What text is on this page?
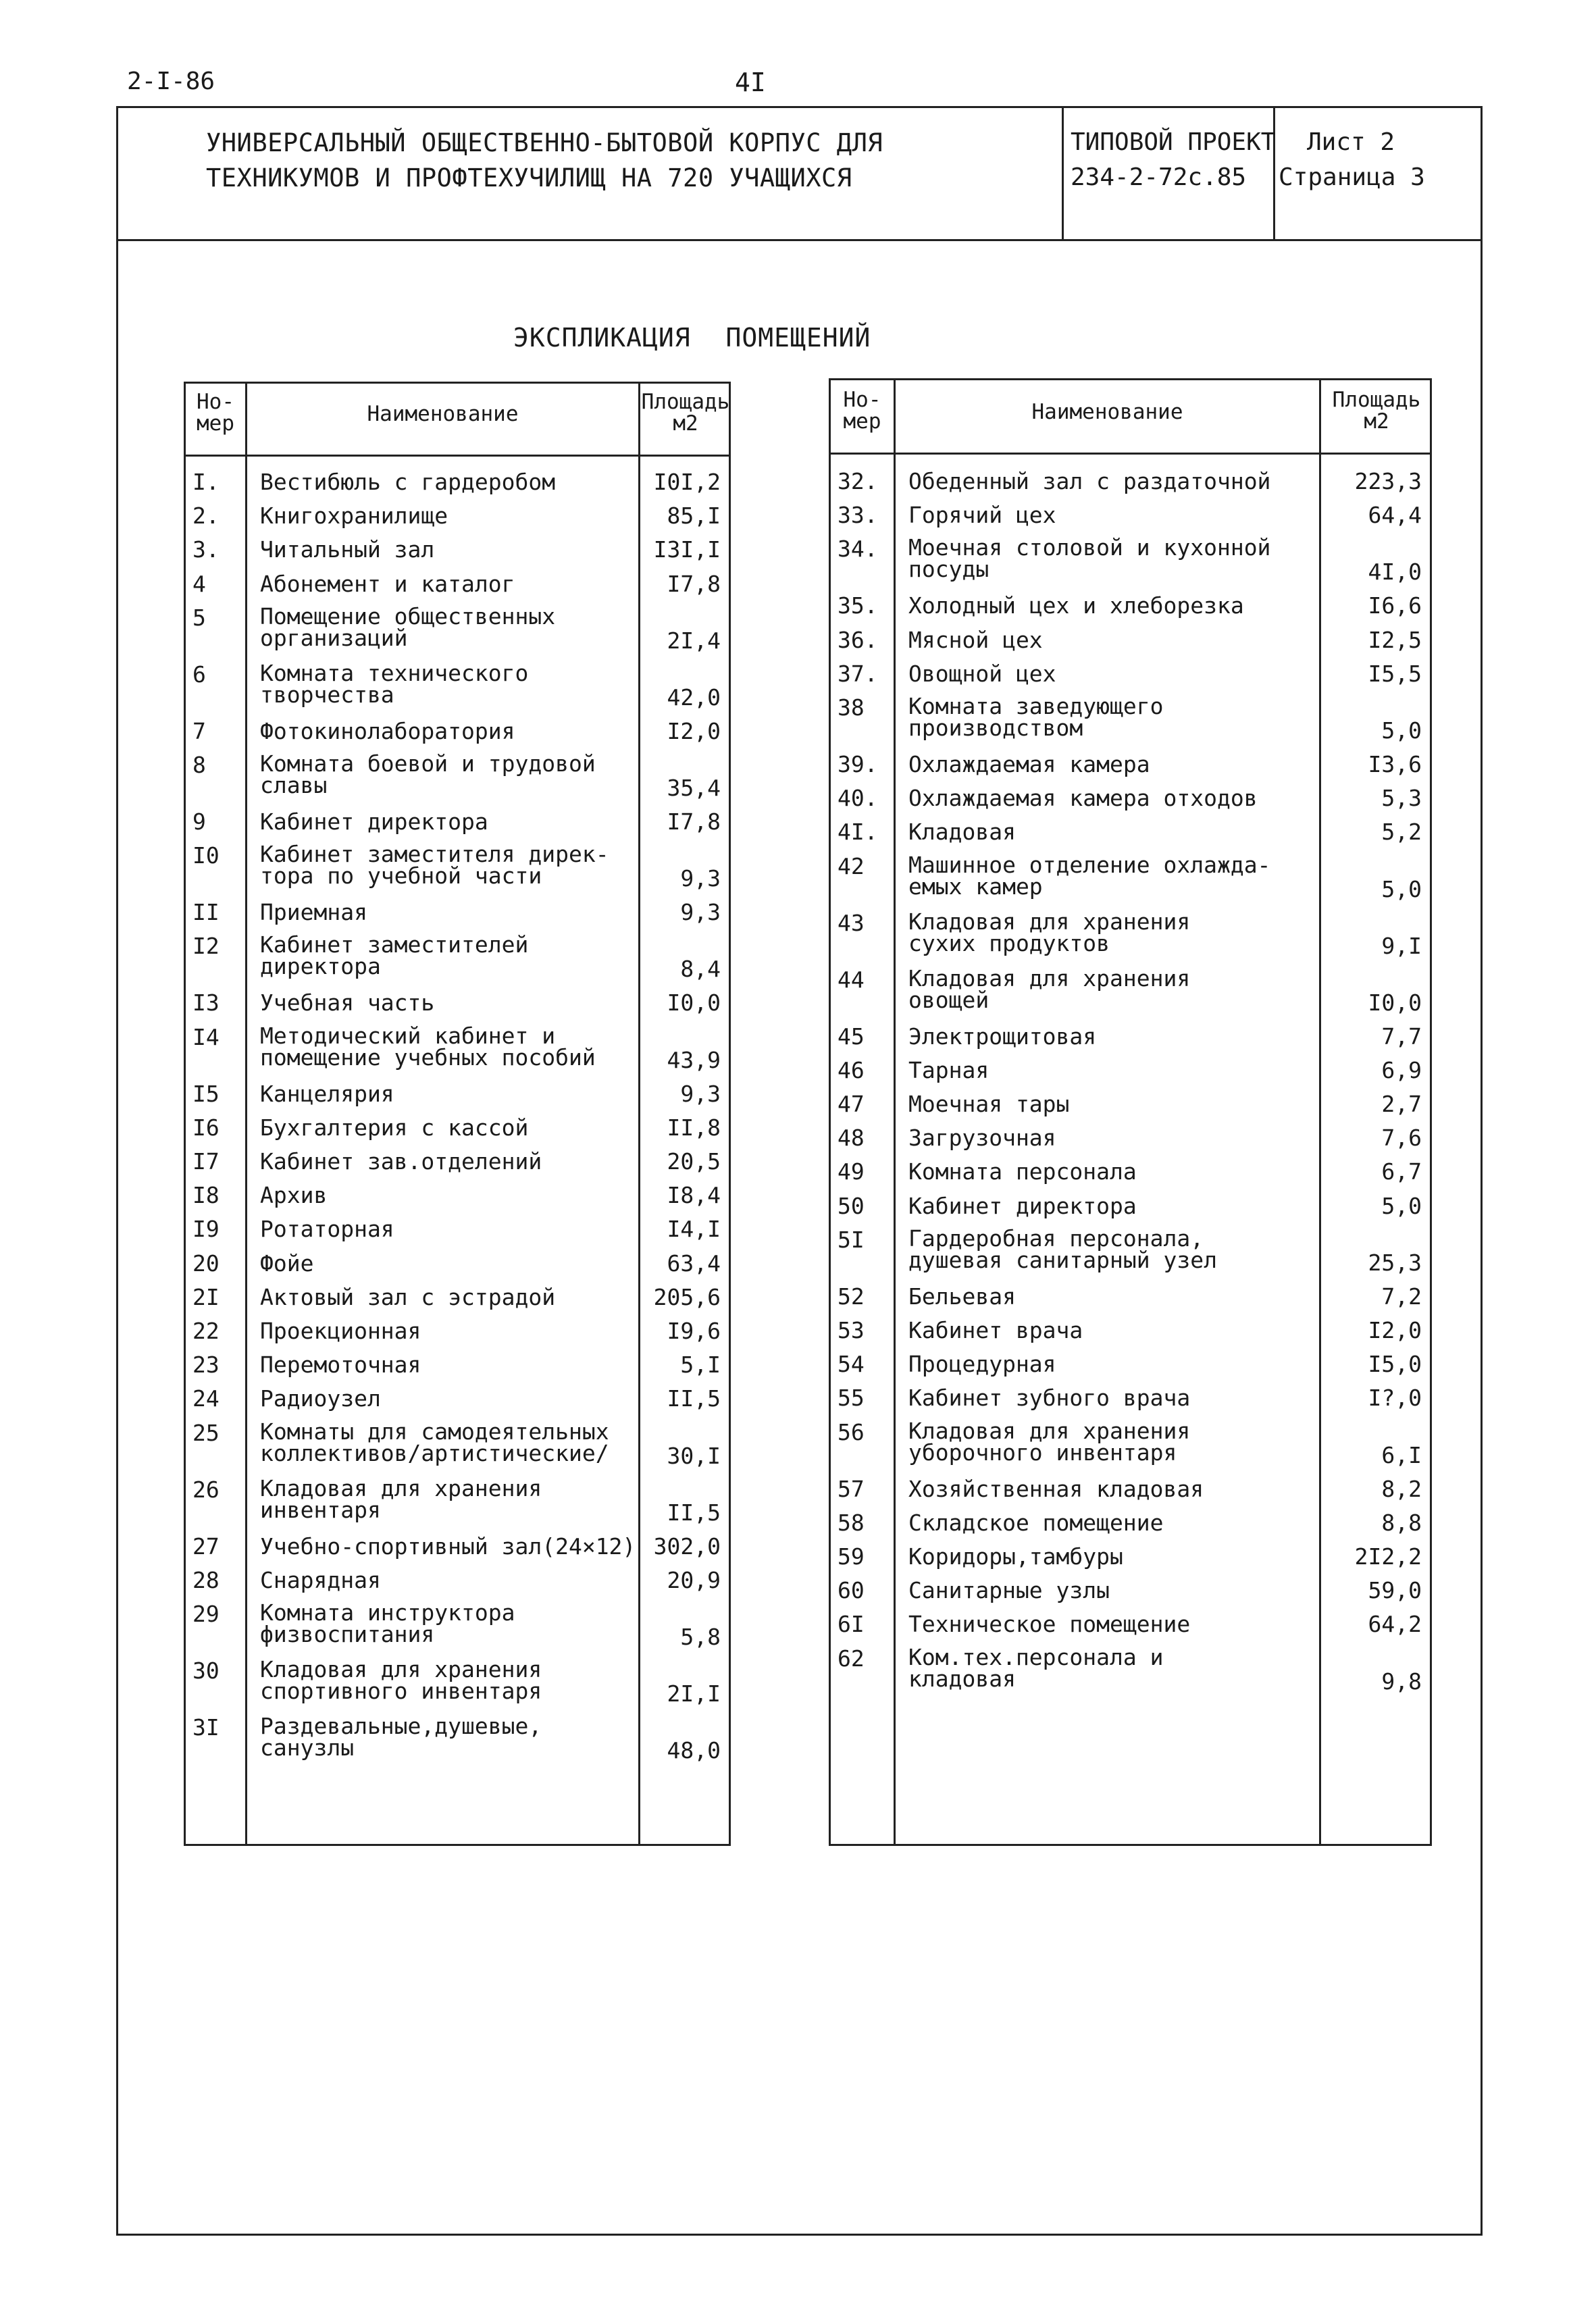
2-I-86	4I
УНИВЕРСАЛЬНЫЙ ОБЩЕСТВЕННО-БЫТОВОЙ КОРПУС ДЛЯ
ТЕХНИКУМОВ И ПРОФТЕХУЧИЛИЩ НА 720 УЧАЩИХСЯ
ТИПОВОЙ ПРОЕКТ
234-2-72с.85
Лист 2
Страница 3
ЭКСПЛИКАЦИЯ ПОМЕЩЕНИЙ
Но-
мер	Наименование	Площадь
м2
I. Вестибюль с гардеробом	I0I,2
2. Книгохранилище	85,I
3. Читальный зал	I3I,I
4 Абонемент и каталог	I7,8
5 Помещение общественных
организаций	2I,4
6 Комната технического
творчества	42,0
7 Фотокинолаборатория	I2,0
8 Комната боевой и трудовой
славы	35,4
9 Кабинет директора	I7,8
I0 Кабинет заместителя дирек-
тора по учебной части	9,3
II Приемная	9,3
I2 Кабинет заместителей
директора	8,4
I3 Учебная часть	I0,0
I4 Методический кабинет и
помещение учебных пособий	43,9
I5 Канцелярия	9,3
I6 Бухгалтерия с кассой	II,8
I7 Кабинет зав.отделений	20,5
I8 Архив	I8,4
I9 Ротаторная	I4,I
20 Фойе	63,4
2I Актовый зал с эстрадой	205,6
22 Проекционная	I9,6
23 Перемоточная	5,I
24 Радиоузел	II,5
25 Комнаты для самодеятельных
коллективов/артистические/	30,I
26 Кладовая для хранения
инвентаря	II,5
27 Учебно-спортивный зал(24×12) 302,0
28 Снарядная	20,9
29 Комната инструктора
физвоспитания	5,8
30 Кладовая для хранения
спортивного инвентаря	2I,I
3I Раздевальные,душевые,
санузлы	48,0
Но-
мер	Наименование	Площадь
м2
32. Обеденный зал с раздаточной	223,3
33. Горячий цех	64,4
34. Моечная столовой и кухонной
посуды	4I,0
35. Холодный цех и хлеборезка	I6,6
36. Мясной цех	I2,5
37. Овощной цех	I5,5
38 Комната заведующего
производством	5,0
39. Охлаждаемая камера	I3,6
40. Охлаждаемая камера отходов	5,3
4I. Кладовая	5,2
42 Машинное отделение охлажда-
емых камер	5,0
43 Кладовая для хранения
сухих продуктов	9,I
44 Кладовая для хранения
овощей	I0,0
45 Электрощитовая	7,7
46 Тарная	6,9
47 Моечная тары	2,7
48 Загрузочная	7,6
49 Комната персонала	6,7
50 Кабинет директора	5,0
5I Гардеробная персонала,
душевая санитарный узел	25,3
52 Бельевая	7,2
53 Кабинет врача	I2,0
54 Процедурная	I5,0
55 Кабинет зубного врача	I?,0
56 Кладовая для хранения
уборочного инвентаря	6,I
57 Хозяйственная кладовая	8,2
58 Складское помещение	8,8
59 Коридоры,тамбуры	2I2,2
60 Санитарные узлы	59,0
6I Техническое помещение	64,2
62 Ком.тех.персонала и
кладовая	9,8
